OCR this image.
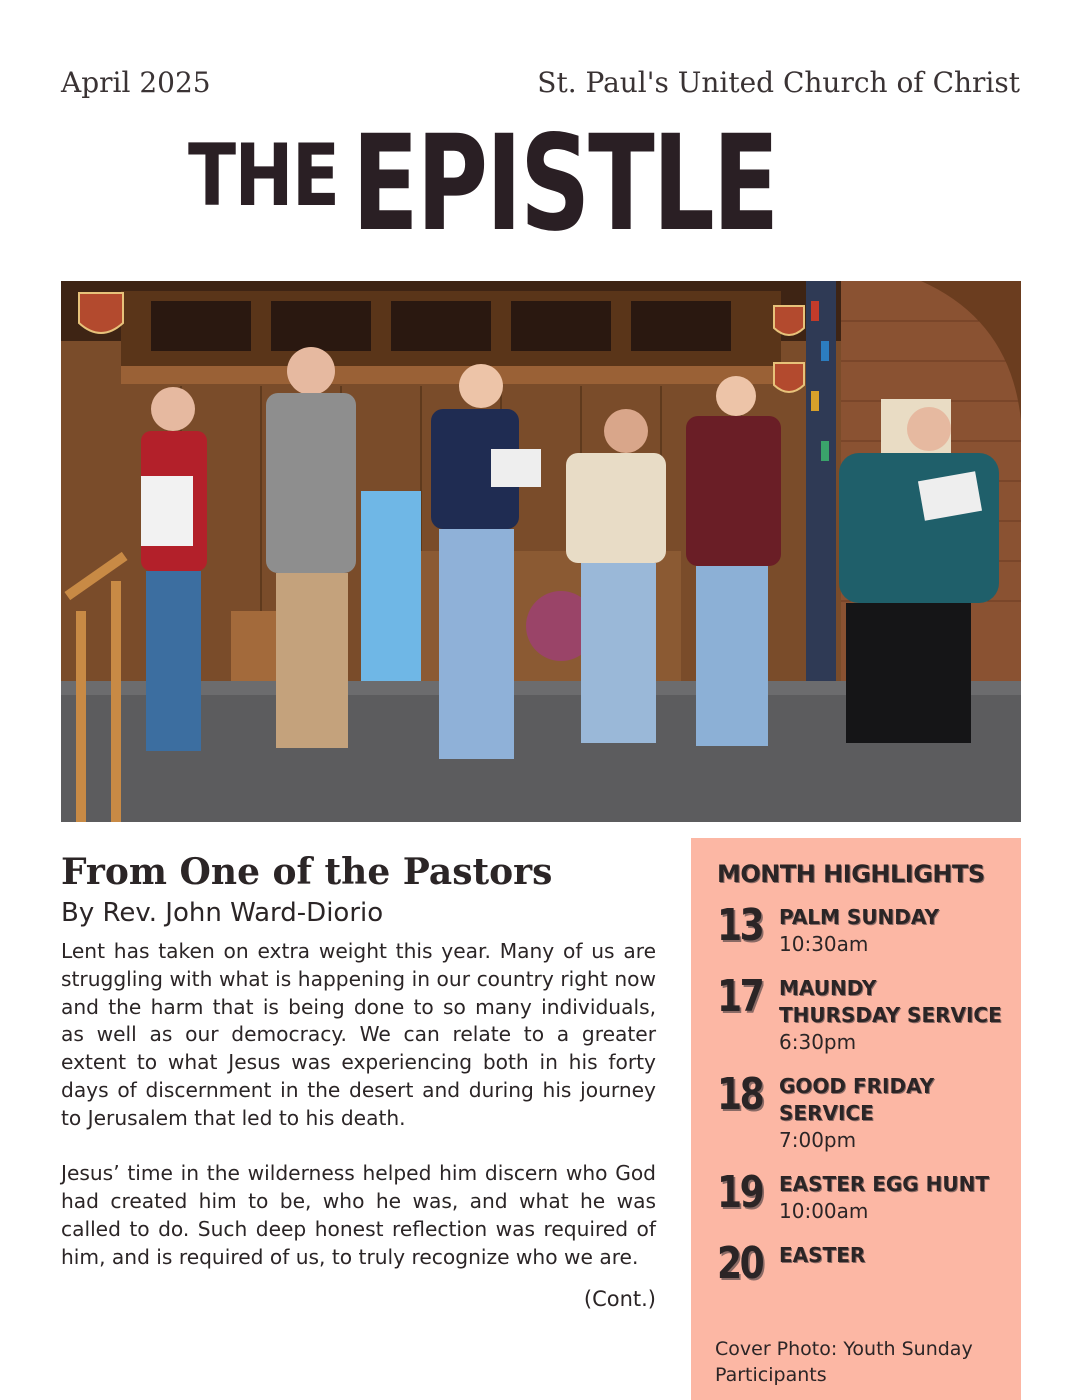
April 2025	St. Paul's United Church of Christ
THE EPISTLE
From One of the Pastors
By Rev. John Ward-Diorio

Lent has taken on extra weight this year. Many of us are struggling with what is happening in our country right now and the harm that is being done to so many individuals, as well as our democracy. We can relate to a greater extent to what Jesus was experiencing both in his forty days of discernment in the desert and during his journey to Jerusalem that led to his death.

Jesus’ time in the wilderness helped him discern who God had created him to be, who he was, and what he was called to do. Such deep honest reflection was required of him, and is required of us, to truly recognize who we are.

(Cont.)
MONTH HIGHLIGHTS
13 PALM SUNDAY
10:30am
17 MAUNDY
THURSDAY SERVICE
6:30pm
18 GOOD FRIDAY
SERVICE
7:00pm
19 EASTER EGG HUNT
10:00am
20 EASTER
Cover Photo: Youth Sunday Participants
